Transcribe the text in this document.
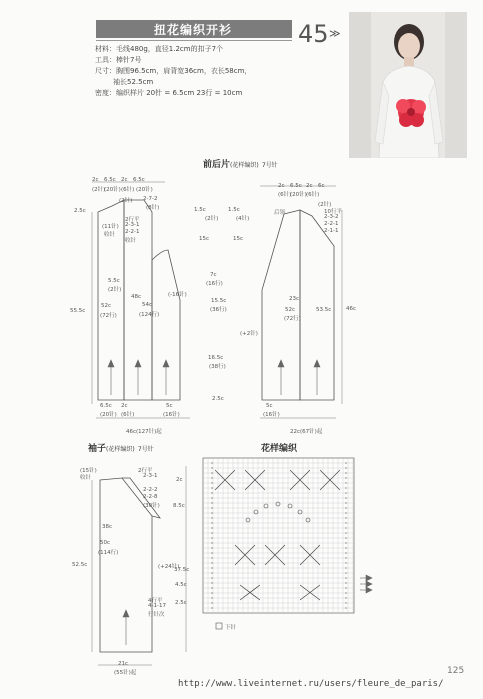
扭花编织开衫	45 ≫
材料：毛线480g，直径1.2cm的扣子7个
工具：棒针7号
尺寸：胸围96.5cm，肩背宽36cm，衣长58cm，
袖长52.5cm
密度：编织样片 20针 = 6.5cm 23行 = 10cm
前后片(花样编织) 7号针
袖子(花样编织) 7号针	花样编织
2c 6.5c 2c 6.5c
(2针)
(20针) (6针) (20针)
2-7-2
(8针)
2.5c
(11针)
收针
(2针)
2行平
2-3-1
2-2-1
收针
55.5c
5.5c
(2针)
48c
52c
(72行)
54c
(124行)
(-16针)
6.5c
(20针)
2c
(6针)
5c
(16针)
46c(127针)起
1.5c	1.5c
(2针)	(4针)
15c	15c
7c
(16行)
15.5c
(36行)
16.5c
(38行)
2.5c
2c 6.5c 2c 6c
(6针)
(20针) (6针)
(2针)
后领	10行平
2-3-2
2-2-1
2-1-1
46c
23c
52c	53.5c
(72行)
(+2针)
5c
(16针)
22c(67针)起
(15针)
收针
2行平
2-3-1
2-2-2
2-2-8
(30针)
38c
50c
(114行)
52.5c	(+24针)
4行平
4-1-17
行针次
21c
(55针)起
2c
8.5c
37.5c
4.5c
2.5c
下针
125
http://www.liveinternet.ru/users/fleure_de_paris/
